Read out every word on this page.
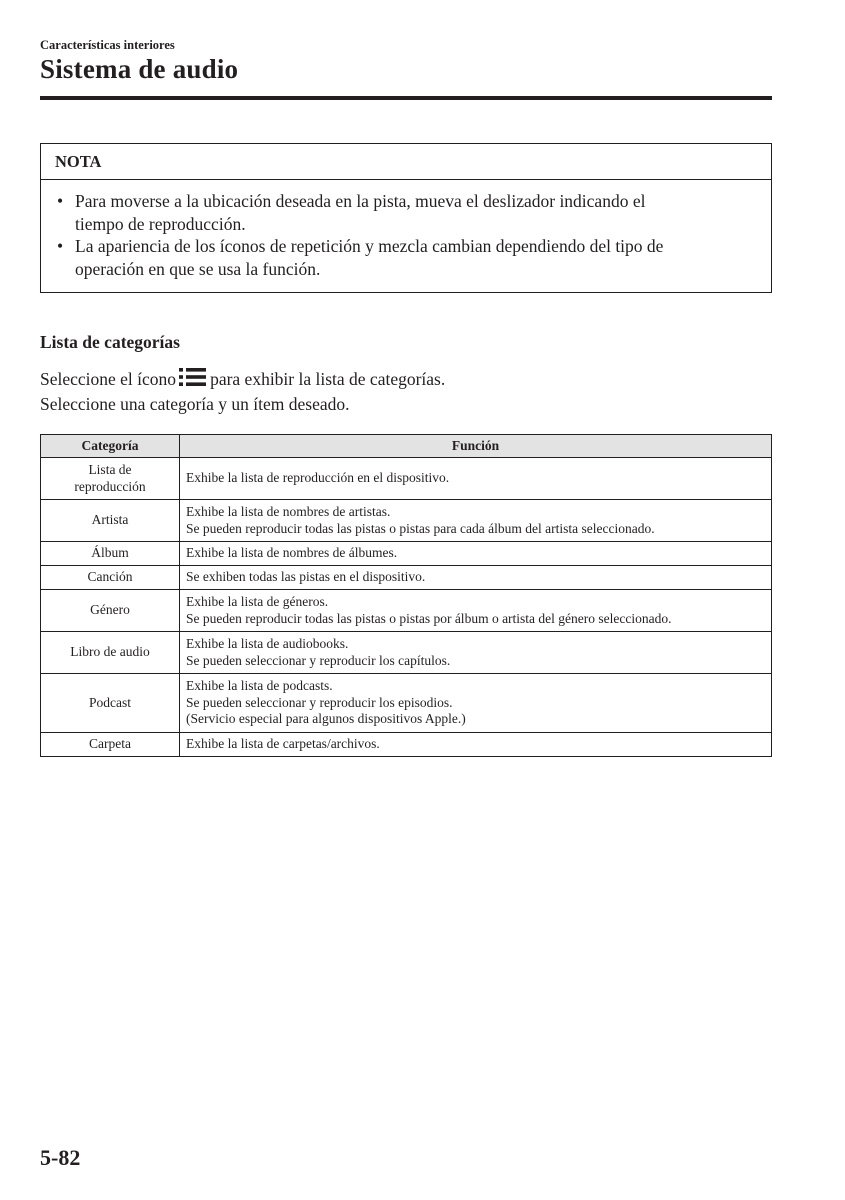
Características interiores
Sistema de audio
NOTA
• Para moverse a la ubicación deseada en la pista, mueva el deslizador indicando el
tiempo de reproducción.
• La apariencia de los íconos de repetición y mezcla cambian dependiendo del tipo de
operación en que se usa la función.
Lista de categorías
Seleccione el ícono para exhibir la lista de categorías.
Seleccione una categoría y un ítem deseado.
Categoría	Función

Lista de
reproducción	Exhibe la lista de reproducción en el dispositivo.

Artista	Exhibe la lista de nombres de artistas.
Se pueden reproducir todas las pistas o pistas para cada álbum del artista seleccionado.

Álbum	Exhibe la lista de nombres de álbumes.

Canción	Se exhiben todas las pistas en el dispositivo.

Género	Exhibe la lista de géneros.
Se pueden reproducir todas las pistas o pistas por álbum o artista del género seleccionado.

Libro de audio	Exhibe la lista de audiobooks.
Se pueden seleccionar y reproducir los capítulos.

Podcast	Exhibe la lista de podcasts.
Se pueden seleccionar y reproducir los episodios.
(Servicio especial para algunos dispositivos Apple.)

Carpeta	Exhibe la lista de carpetas/archivos.
5-82
